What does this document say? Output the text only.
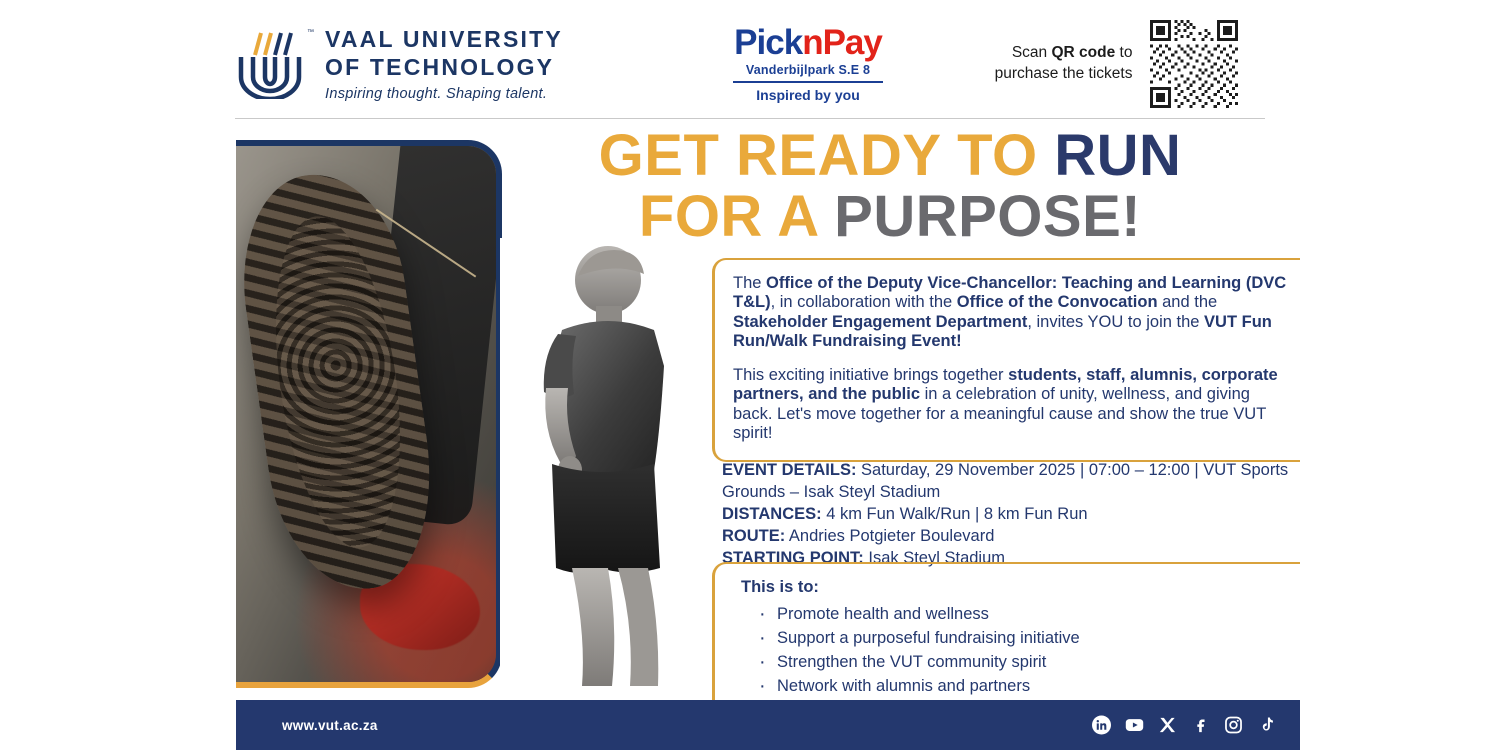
™ VAAL UNIVERSITY
OF TECHNOLOGY
Inspiring thought. Shaping talent.
PicknPay
Vanderbijlpark S.E 8
Inspired by you
Scan QR code to
purchase the tickets
GET READY TO RUN
FOR A PURPOSE!

The Office of the Deputy Vice-Chancellor: Teaching and Learning (DVC T&L), in collaboration with the Office of the Convocation and the Stakeholder Engagement Department, invites YOU to join the VUT Fun Run/Walk Fundraising Event!

This exciting initiative brings together students, staff, alumnis, corporate partners, and the public in a celebration of unity, wellness, and giving back. Let's move together for a meaningful cause and show the true VUT spirit!

EVENT DETAILS: Saturday, 29 November 2025 | 07:00 – 12:00 | VUT Sports Grounds – Isak Steyl Stadium
DISTANCES: 4 km Fun Walk/Run | 8 km Fun Run
ROUTE: Andries Potgieter Boulevard
STARTING POINT: Isak Steyl Stadium
This is to:
· Promote health and wellness
· Support a purposeful fundraising initiative
· Strengthen the VUT community spirit
· Network with alumnis and partners
www.vut.ac.za
